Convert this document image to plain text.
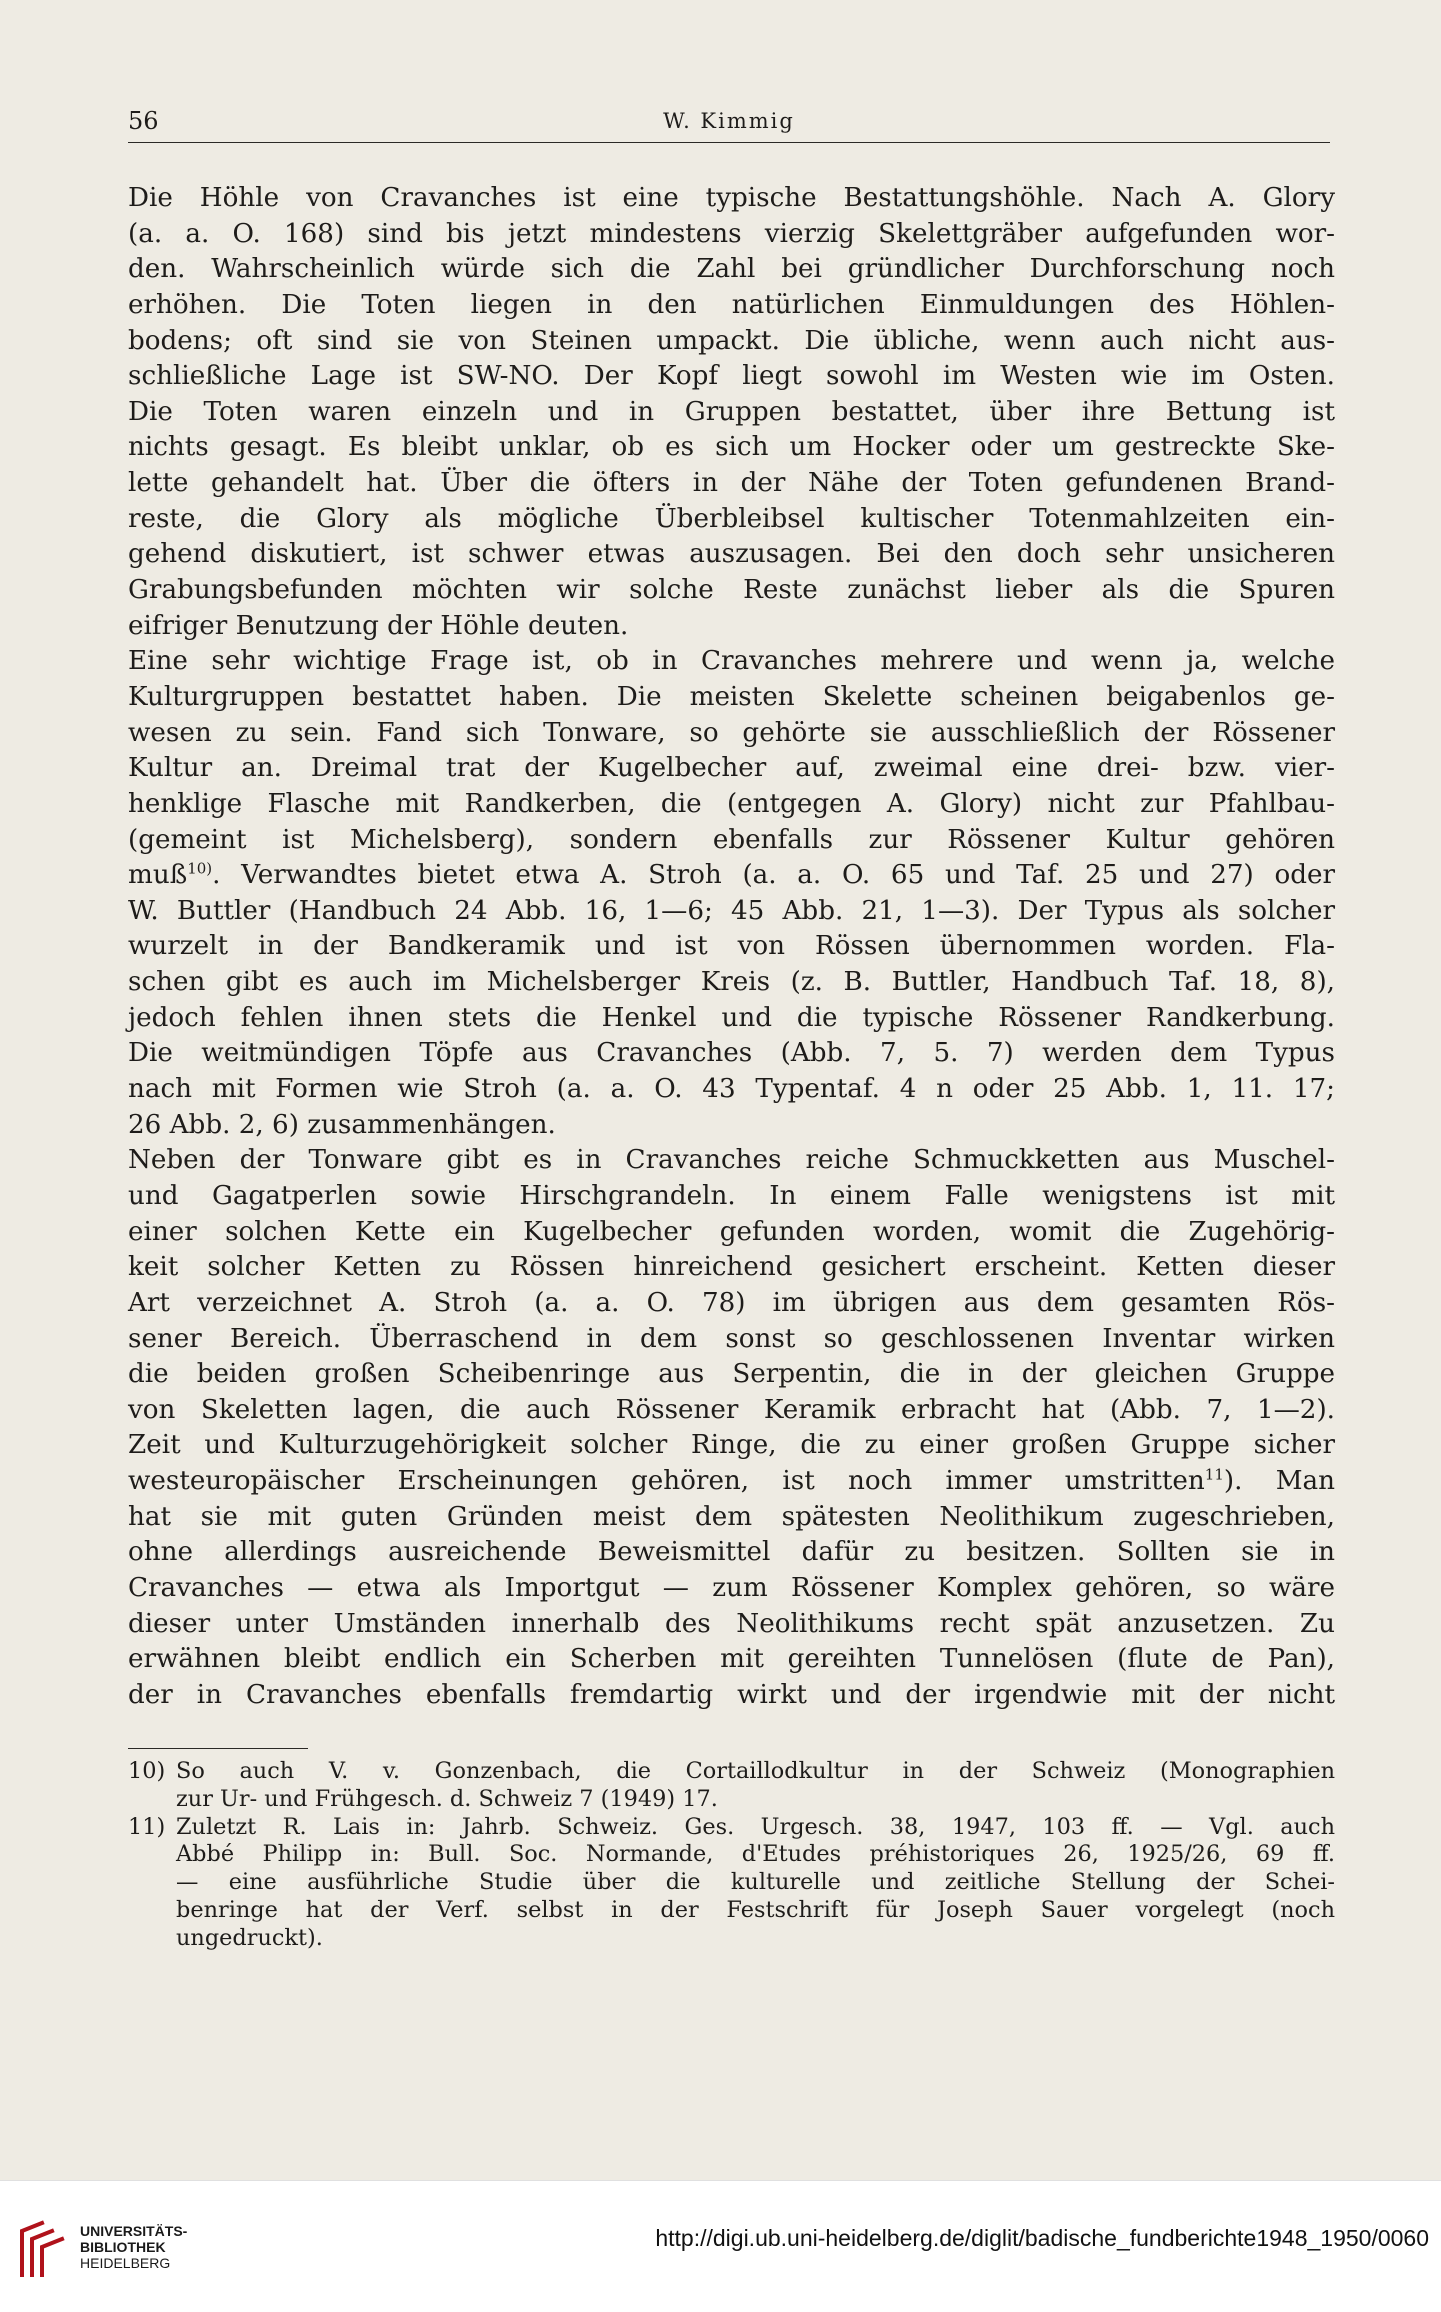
56	W. Kimmig
Die Höhle von Cravanches ist eine typische Bestattungshöhle. Nach A. Glory
(a. a. O. 168) sind bis jetzt mindestens vierzig Skelettgräber aufgefunden wor-
den. Wahrscheinlich würde sich die Zahl bei gründlicher Durchforschung noch
erhöhen. Die Toten liegen in den natürlichen Einmuldungen des Höhlen-
bodens; oft sind sie von Steinen umpackt. Die übliche, wenn auch nicht aus-
schließliche Lage ist SW-NO. Der Kopf liegt sowohl im Westen wie im Osten.
Die Toten waren einzeln und in Gruppen bestattet, über ihre Bettung ist
nichts gesagt. Es bleibt unklar, ob es sich um Hocker oder um gestreckte Ske-
lette gehandelt hat. Über die öfters in der Nähe der Toten gefundenen Brand-
reste, die Glory als mögliche Überbleibsel kultischer Totenmahlzeiten ein-
gehend diskutiert, ist schwer etwas auszusagen. Bei den doch sehr unsicheren
Grabungsbefunden möchten wir solche Reste zunächst lieber als die Spuren
eifriger Benutzung der Höhle deuten.
Eine sehr wichtige Frage ist, ob in Cravanches mehrere und wenn ja, welche
Kulturgruppen bestattet haben. Die meisten Skelette scheinen beigabenlos ge-
wesen zu sein. Fand sich Tonware, so gehörte sie ausschließlich der Rössener
Kultur an. Dreimal trat der Kugelbecher auf, zweimal eine drei- bzw. vier-
henklige Flasche mit Randkerben, die (entgegen A. Glory) nicht zur Pfahlbau-
(gemeint ist Michelsberg), sondern ebenfalls zur Rössener Kultur gehören
muß$^{10)}$. Verwandtes bietet etwa A. Stroh (a. a. O. 65 und Taf. 25 und 27) oder
W. Buttler (Handbuch 24 Abb. 16, 1—6; 45 Abb. 21, 1—3). Der Typus als solcher
wurzelt in der Bandkeramik und ist von Rössen übernommen worden. Fla-
schen gibt es auch im Michelsberger Kreis (z. B. Buttler, Handbuch Taf. 18, 8),
jedoch fehlen ihnen stets die Henkel und die typische Rössener Randkerbung.
Die weitmündigen Töpfe aus Cravanches (Abb. 7, 5. 7) werden dem Typus
nach mit Formen wie Stroh (a. a. O. 43 Typentaf. 4 n oder 25 Abb. 1, 11. 17;
26 Abb. 2, 6) zusammenhängen.
Neben der Tonware gibt es in Cravanches reiche Schmuckketten aus Muschel-
und Gagatperlen sowie Hirschgrandeln. In einem Falle wenigstens ist mit
einer solchen Kette ein Kugelbecher gefunden worden, womit die Zugehörig-
keit solcher Ketten zu Rössen hinreichend gesichert erscheint. Ketten dieser
Art verzeichnet A. Stroh (a. a. O. 78) im übrigen aus dem gesamten Rös-
sener Bereich. Überraschend in dem sonst so geschlossenen Inventar wirken
die beiden großen Scheibenringe aus Serpentin, die in der gleichen Gruppe
von Skeletten lagen, die auch Rössener Keramik erbracht hat (Abb. 7, 1—2).
Zeit und Kulturzugehörigkeit solcher Ringe, die zu einer großen Gruppe sicher
westeuropäischer Erscheinungen gehören, ist noch immer umstritten$^{11}$). Man
hat sie mit guten Gründen meist dem spätesten Neolithikum zugeschrieben,
ohne allerdings ausreichende Beweismittel dafür zu besitzen. Sollten sie in
Cravanches — etwa als Importgut — zum Rössener Komplex gehören, so wäre
dieser unter Umständen innerhalb des Neolithikums recht spät anzusetzen. Zu
erwähnen bleibt endlich ein Scherben mit gereihten Tunnelösen (flute de Pan),
der in Cravanches ebenfalls fremdartig wirkt und der irgendwie mit der nicht
10) So auch V. v. Gonzenbach, die Cortaillodkultur in der Schweiz (Monographien
zur Ur- und Frühgesch. d. Schweiz 7 (1949) 17.
11) Zuletzt R. Lais in: Jahrb. Schweiz. Ges. Urgesch. 38, 1947, 103 ff. — Vgl. auch
Abbé Philipp in: Bull. Soc. Normande, d'Etudes préhistoriques 26, 1925/26, 69 ff.
— eine ausführliche Studie über die kulturelle und zeitliche Stellung der Schei-
benringe hat der Verf. selbst in der Festschrift für Joseph Sauer vorgelegt (noch
ungedruckt).
UNIVERSITÄTS-
BIBLIOTHEK
HEIDELBERG
http://digi.ub.uni-heidelberg.de/diglit/badische_fundberichte1948_1950/0060
